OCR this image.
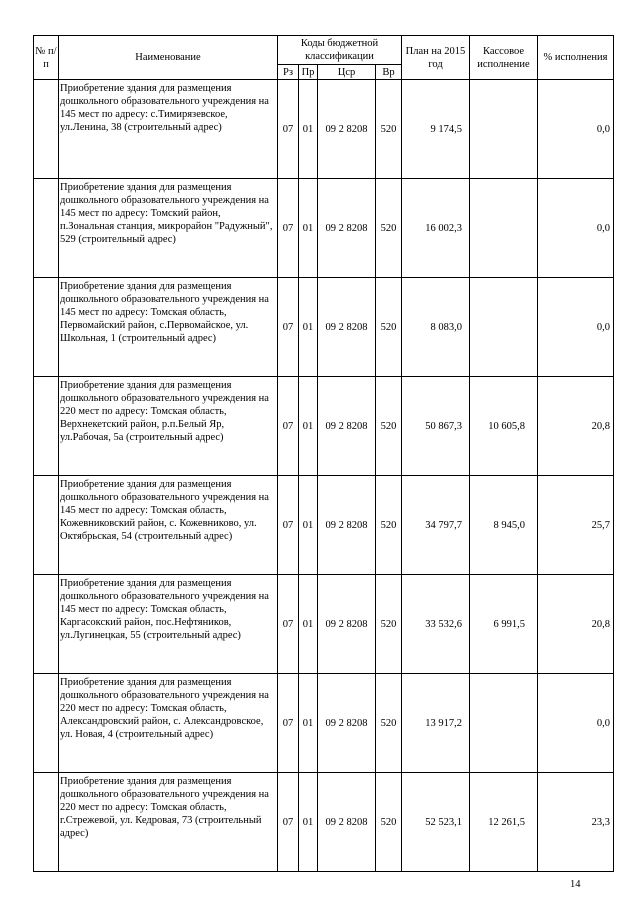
№ п/п	Наименование	Коды бюджетной классификации				План на 2015 год	Кассовое исполнение	% исполнения
		Рз	Пр	Цср	Вр			
	Приобретение здания для размещения дошкольного образовательного учреждения на 145 мест по адресу: с.Тимирязевское, ул.Ленина, 38 (строительный адрес)	07	01	09 2 8208	520	9 174,5		0,0
	Приобретение здания для размещения дошкольного образовательного учреждения на 145 мест по адресу: Томский район, п.Зональная станция, микрорайон "Радужный", 529 (строительный адрес)	07	01	09 2 8208	520	16 002,3		0,0
	Приобретение здания для размещения дошкольного образовательного учреждения на 145 мест по адресу: Томская область, Первомайский район, с.Первомайское, ул. Школьная, 1 (строительный адрес)	07	01	09 2 8208	520	8 083,0		0,0
	Приобретение здания для размещения дошкольного образовательного учреждения на 220 мест по адресу: Томская область, Верхнекетский район, р.п.Белый Яр, ул.Рабочая, 5а (строительный адрес)	07	01	09 2 8208	520	50 867,3	10 605,8	20,8
	Приобретение здания для размещения дошкольного образовательного учреждения на 145 мест по адресу: Томская область, Кожевниковский район, с. Кожевниково, ул. Октябрьская, 54 (строительный адрес)	07	01	09 2 8208	520	34 797,7	8 945,0	25,7
	Приобретение здания для размещения дошкольного образовательного учреждения на 145 мест по адресу: Томская область, Каргасокский район, пос.Нефтяников, ул.Лугинецкая, 55 (строительный адрес)	07	01	09 2 8208	520	33 532,6	6 991,5	20,8
	Приобретение здания для размещения дошкольного образовательного учреждения на 220 мест по адресу: Томская область, Александровский район, с. Александровское, ул. Новая, 4 (строительный адрес)	07	01	09 2 8208	520	13 917,2		0,0
	Приобретение здания для размещения дошкольного образовательного учреждения на 220 мест по адресу: Томская область, г.Стрежевой, ул. Кедровая, 73 (строительный адрес)	07	01	09 2 8208	520	52 523,1	12 261,5	23,3
14
